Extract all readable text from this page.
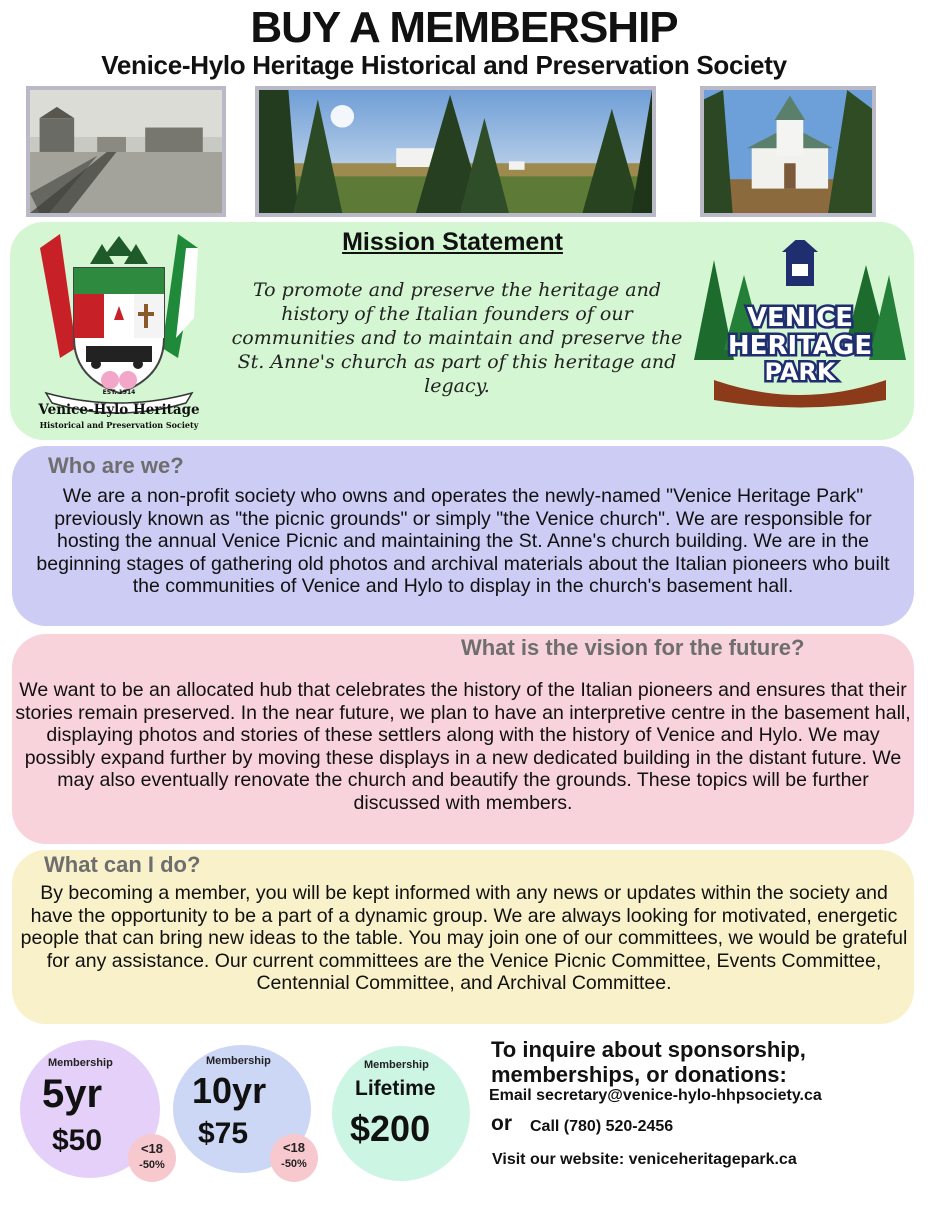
BUY A MEMBERSHIP
Venice-Hylo Heritage Historical and Preservation Society
EST. 1914
Venice-Hylo Heritage
Historical and Preservation Society
Mission Statement
To promote and preserve the heritage and history of the Italian founders of our communities and to maintain and preserve the St. Anne's church as part of this heritage and legacy.
VENICE
HERITAGE
PARK
Who are we?
We are a non-profit society who owns and operates the newly-named "Venice Heritage Park" previously known as "the picnic grounds" or simply "the Venice church". We are responsible for hosting the annual Venice Picnic and maintaining the St. Anne's church building. We are in the beginning stages of gathering old photos and archival materials about the Italian pioneers who built the communities of Venice and Hylo to display in the church's basement hall.
What is the vision for the future?
We want to be an allocated hub that celebrates the history of the Italian pioneers and ensures that their stories remain preserved. In the near future, we plan to have an interpretive centre in the basement hall, displaying photos and stories of these settlers along with the history of Venice and Hylo. We may possibly expand further by moving these displays in a new dedicated building in the distant future. We may also eventually renovate the church and beautify the grounds. These topics will be further discussed with members.
What can I do?
By becoming a member, you will be kept informed with any news or updates within the society and have the opportunity to be a part of a dynamic group. We are always looking for motivated, energetic people that can bring new ideas to the table. You may join one of our committees, we would be grateful for any assistance. Our current committees are the Venice Picnic Committee, Events Committee, Centennial Committee, and Archival Committee.
Membership
5yr
$50	<18
-50%
Membership
10yr
$75	<18
-50%
Membership
Lifetime
$200
To inquire about sponsorship,
memberships, or donations:
Email secretary@venice-hylo-hhpsociety.ca
or Call (780) 520-2456
Visit our website: veniceheritagepark.ca
